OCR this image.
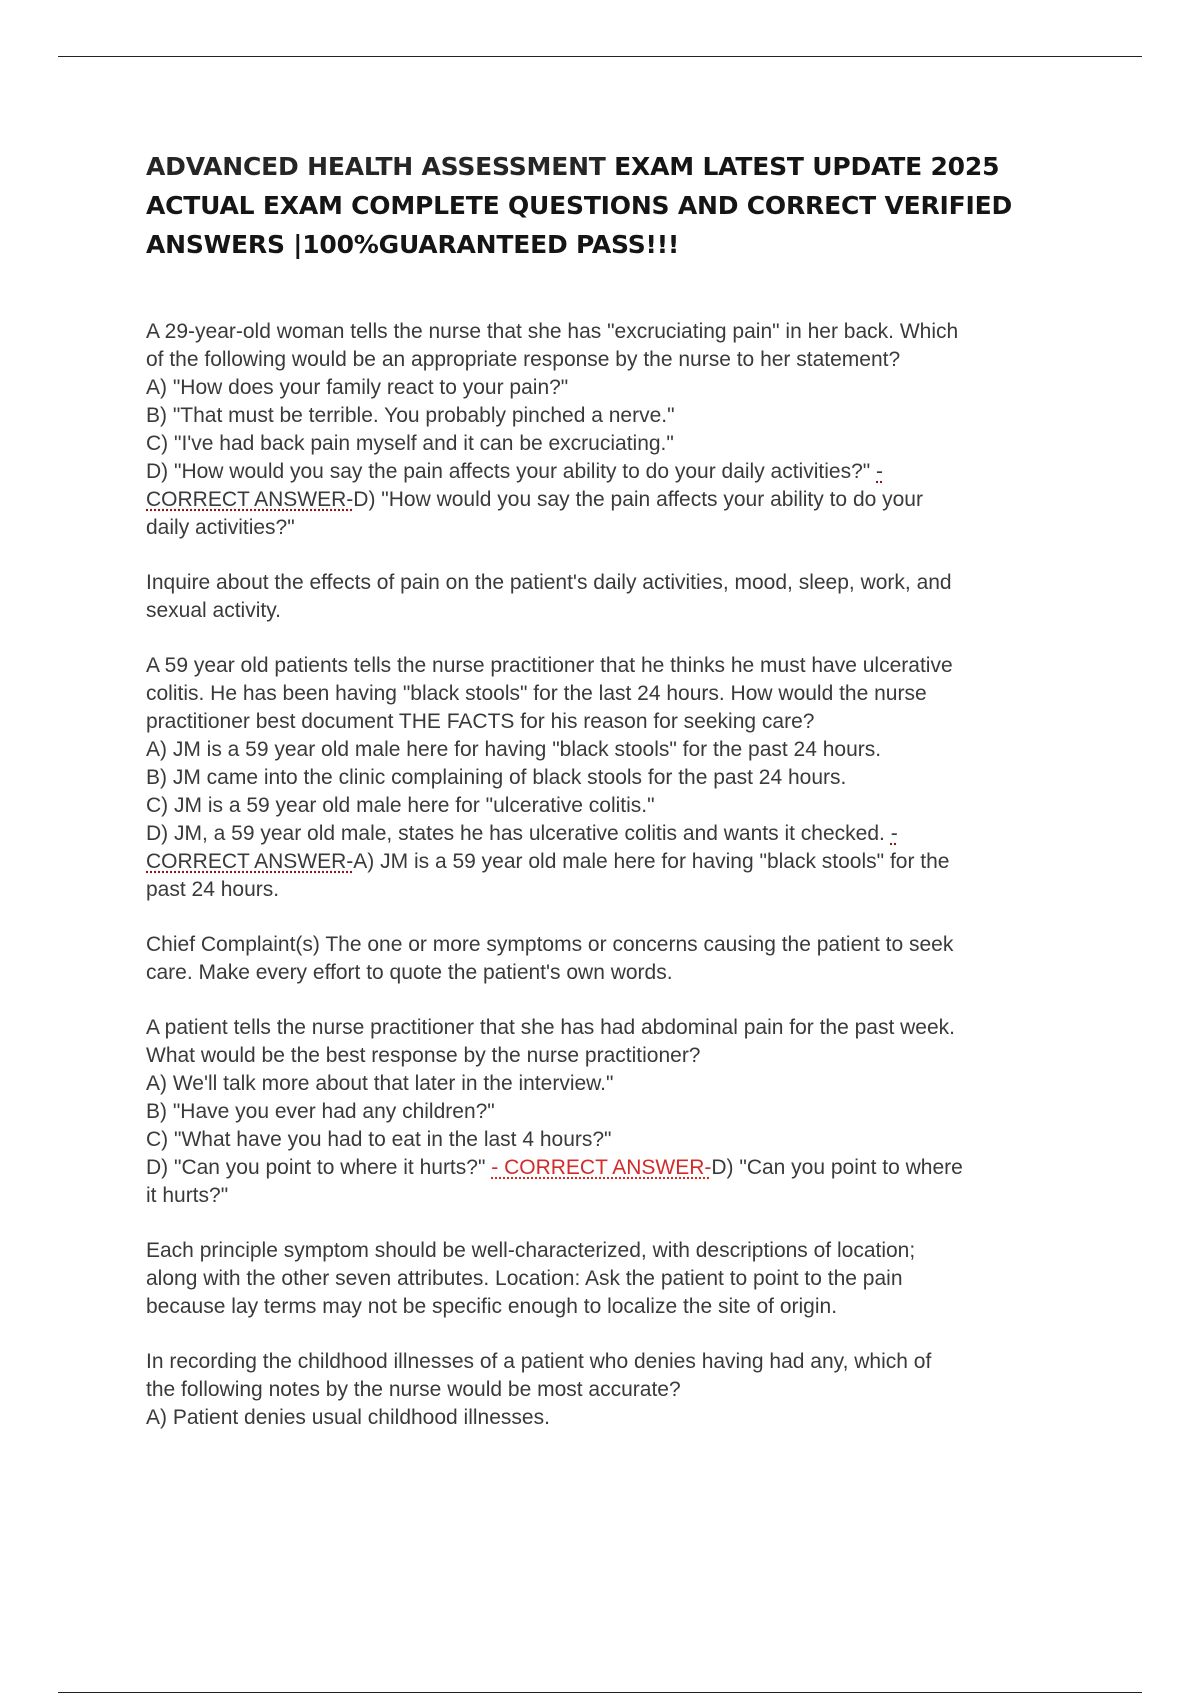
ADVANCED HEALTH ASSESSMENT EXAM LATEST UPDATE 2025
ACTUAL EXAM COMPLETE QUESTIONS AND CORRECT VERIFIED
ANSWERS |100%GUARANTEED PASS!!!
A 29-year-old woman tells the nurse that she has "excruciating pain" in her back. Which
of the following would be an appropriate response by the nurse to her statement?
A) "How does your family react to your pain?"
B) "That must be terrible. You probably pinched a nerve."
C) "I've had back pain myself and it can be excruciating."
D) "How would you say the pain affects your ability to do your daily activities?" -
CORRECT ANSWER-D) "How would you say the pain affects your ability to do your
daily activities?"
Inquire about the effects of pain on the patient's daily activities, mood, sleep, work, and
sexual activity.
A 59 year old patients tells the nurse practitioner that he thinks he must have ulcerative
colitis. He has been having "black stools" for the last 24 hours. How would the nurse
practitioner best document THE FACTS for his reason for seeking care?
A) JM is a 59 year old male here for having "black stools" for the past 24 hours.
B) JM came into the clinic complaining of black stools for the past 24 hours.
C) JM is a 59 year old male here for "ulcerative colitis."
D) JM, a 59 year old male, states he has ulcerative colitis and wants it checked. -
CORRECT ANSWER-A) JM is a 59 year old male here for having "black stools" for the
past 24 hours.
Chief Complaint(s) The one or more symptoms or concerns causing the patient to seek
care. Make every effort to quote the patient's own words.
A patient tells the nurse practitioner that she has had abdominal pain for the past week.
What would be the best response by the nurse practitioner?
A) We'll talk more about that later in the interview."
B) "Have you ever had any children?"
C) "What have you had to eat in the last 4 hours?"
D) "Can you point to where it hurts?" - CORRECT ANSWER-D) "Can you point to where
it hurts?"
Each principle symptom should be well-characterized, with descriptions of location;
along with the other seven attributes. Location: Ask the patient to point to the pain
because lay terms may not be specific enough to localize the site of origin.
In recording the childhood illnesses of a patient who denies having had any, which of
the following notes by the nurse would be most accurate?
A) Patient denies usual childhood illnesses.
